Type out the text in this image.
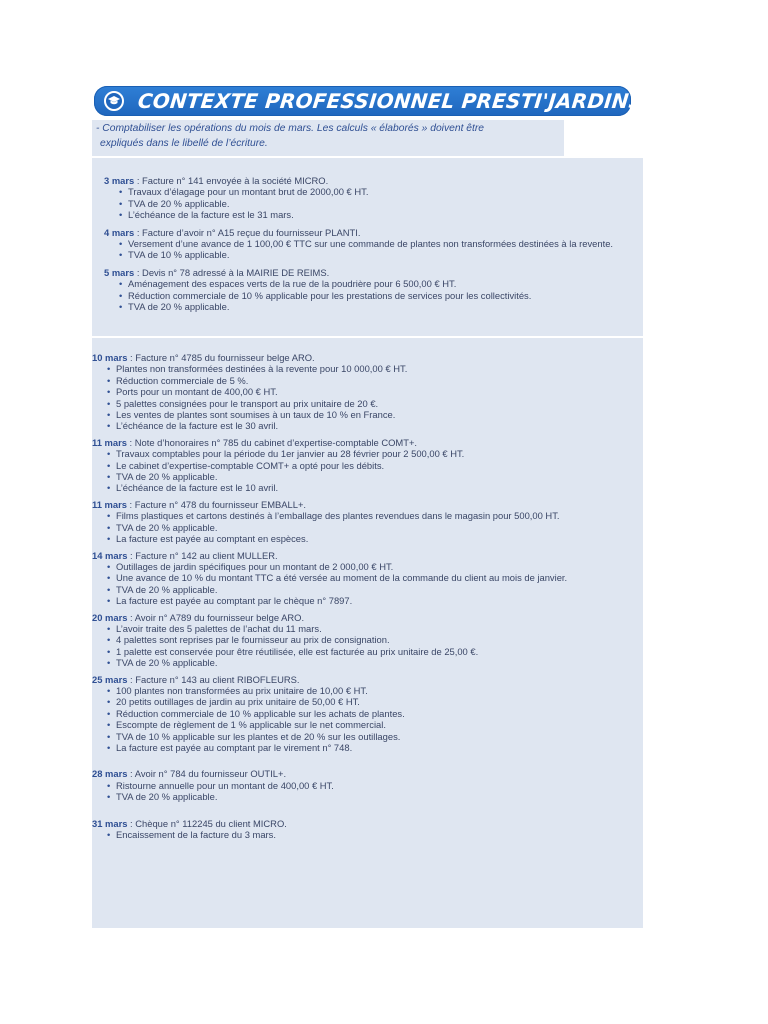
CONTEXTE PROFESSIONNEL PRESTI'JARDINS
- Comptabiliser les opérations du mois de mars. Les calculs « élaborés » doivent être
expliqués dans le libellé de l’écriture.
3 mars : Facture n° 141 envoyée à la société MICRO.
• Travaux d’élagage pour un montant brut de 2000,00 € HT.
• TVA de 20 % applicable.
• L’échéance de la facture est le 31 mars.
4 mars : Facture d’avoir n° A15 reçue du fournisseur PLANTI.
• Versement d’une avance de 1 100,00 € TTC sur une commande de plantes non transformées destinées à la revente.
• TVA de 10 % applicable.
5 mars : Devis n° 78 adressé à la MAIRIE DE REIMS.
• Aménagement des espaces verts de la rue de la poudrière pour 6 500,00 € HT.
• Réduction commerciale de 10 % applicable pour les prestations de services pour les collectivités.
• TVA de 20 % applicable.
10 mars : Facture n° 4785 du fournisseur belge ARO.
• Plantes non transformées destinées à la revente pour 10 000,00 € HT.
• Réduction commerciale de 5 %.
• Ports pour un montant de 400,00 € HT.
• 5 palettes consignées pour le transport au prix unitaire de 20 €.
• Les ventes de plantes sont soumises à un taux de 10 % en France.
• L’échéance de la facture est le 30 avril.
11 mars : Note d’honoraires n° 785 du cabinet d’expertise-comptable COMT+.
• Travaux comptables pour la période du 1er janvier au 28 février pour 2 500,00 € HT.
• Le cabinet d’expertise-comptable COMT+ a opté pour les débits.
• TVA de 20 % applicable.
• L’échéance de la facture est le 10 avril.
11 mars : Facture n° 478 du fournisseur EMBALL+.
• Films plastiques et cartons destinés à l’emballage des plantes revendues dans le magasin pour 500,00 HT.
• TVA de 20 % applicable.
• La facture est payée au comptant en espèces.
14 mars : Facture n° 142 au client MULLER.
• Outillages de jardin spécifiques pour un montant de 2 000,00 € HT.
• Une avance de 10 % du montant TTC a été versée au moment de la commande du client au mois de janvier.
• TVA de 20 % applicable.
• La facture est payée au comptant par le chèque n° 7897.
20 mars : Avoir n° A789 du fournisseur belge ARO.
• L’avoir traite des 5 palettes de l’achat du 11 mars.
• 4 palettes sont reprises par le fournisseur au prix de consignation.
• 1 palette est conservée pour être réutilisée, elle est facturée au prix unitaire de 25,00 €.
• TVA de 20 % applicable.
25 mars : Facture n° 143 au client RIBOFLEURS.
• 100 plantes non transformées au prix unitaire de 10,00 € HT.
• 20 petits outillages de jardin au prix unitaire de 50,00 € HT.
• Réduction commerciale de 10 % applicable sur les achats de plantes.
• Escompte de règlement de 1 % applicable sur le net commercial.
• TVA de 10 % applicable sur les plantes et de 20 % sur les outillages.
• La facture est payée au comptant par le virement n° 748.
28 mars : Avoir n° 784 du fournisseur OUTIL+.
• Ristourne annuelle pour un montant de 400,00 € HT.
• TVA de 20 % applicable.
31 mars : Chèque n° 112245 du client MICRO.
• Encaissement de la facture du 3 mars.
